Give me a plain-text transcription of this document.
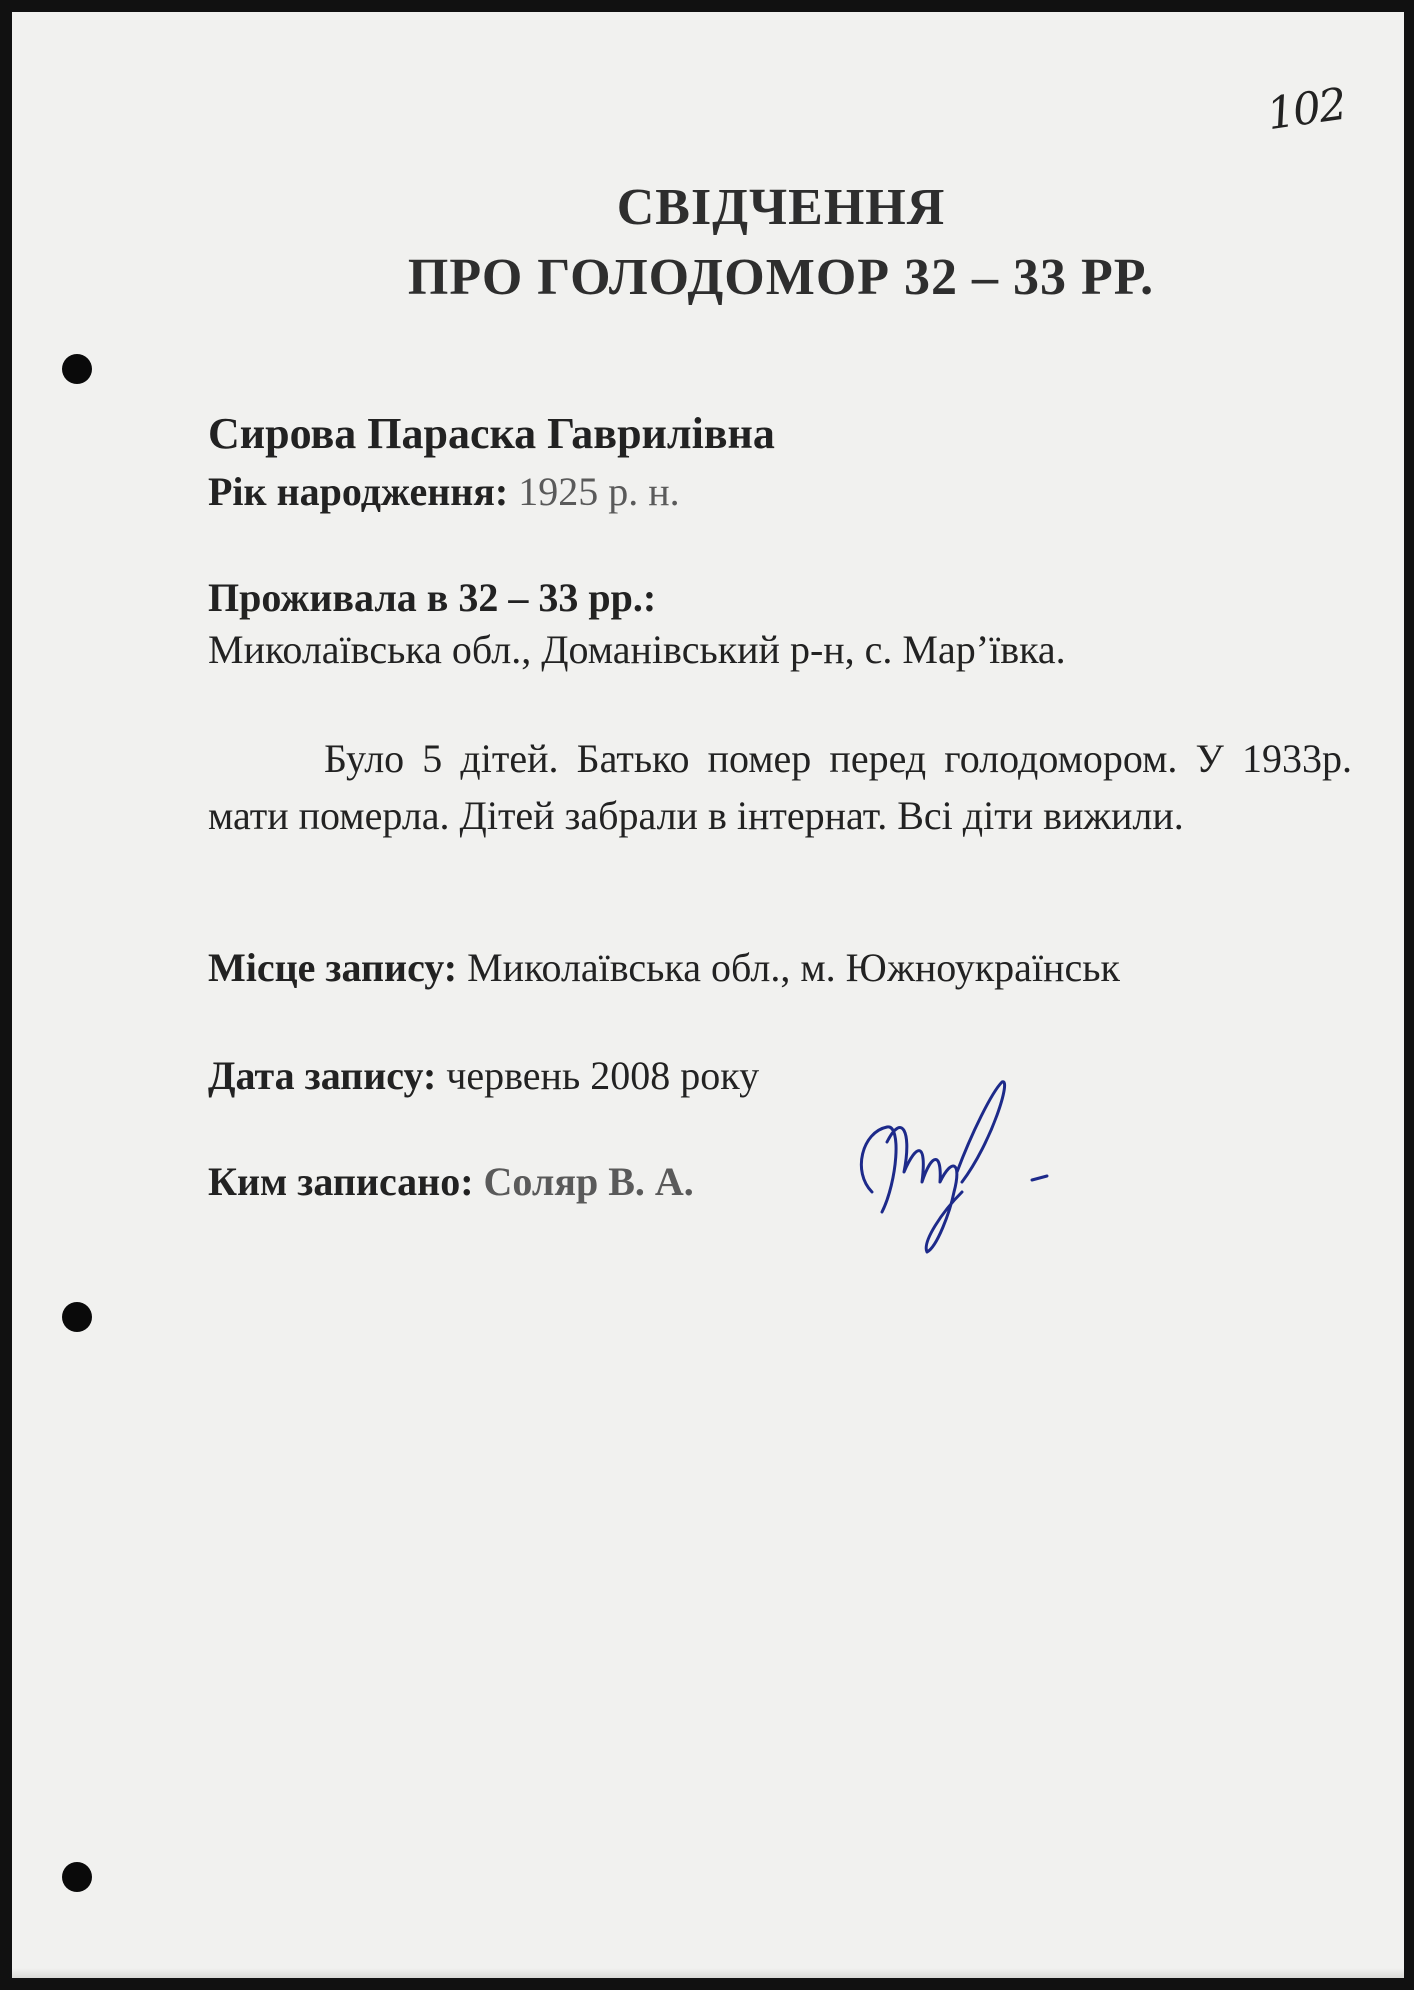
102
СВІДЧЕННЯ
ПРО ГОЛОДОМОР 32 – 33 РР.
Сирова Параска Гаврилівна
Рік народження: 1925 р. н.
Проживала в 32 – 33 рр.:
Миколаївська обл., Доманівський р-н, с. Мар’ївка.
Було 5 дітей. Батько помер перед голодомором. У 1933р. мати померла. Дітей забрали в інтернат. Всі діти вижили.
Місце запису: Миколаївська обл., м. Южноукраїнськ
Дата запису: червень 2008 року
Ким записано: Соляр В. А.
